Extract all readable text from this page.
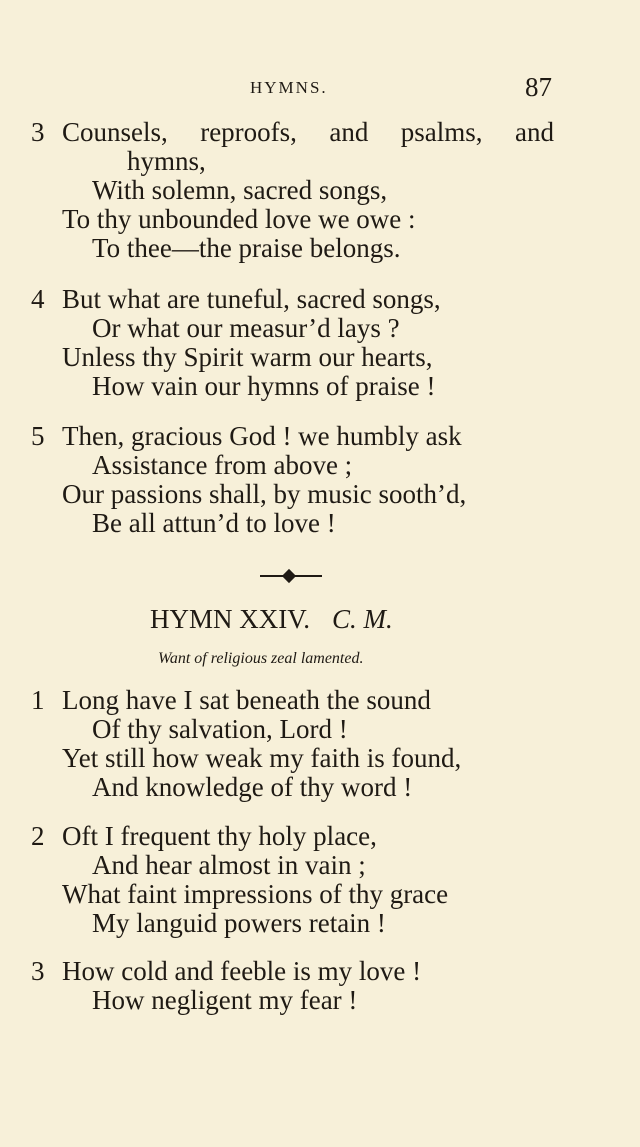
HYMNS.	87
3 Counsels, reproofs, and psalms, and
hymns,
With solemn, sacred songs,
To thy unbounded love we owe :
To thee—the praise belongs.
4 But what are tuneful, sacred songs,
Or what our measur’d lays ?
Unless thy Spirit warm our hearts,
How vain our hymns of praise !
5 Then, gracious God ! we humbly ask
Assistance from above ;
Our passions shall, by music sooth’d,
Be all attun’d to love !
HYMN XXIV. C. M.
Want of religious zeal lamented.
1 Long have I sat beneath the sound
Of thy salvation, Lord !
Yet still how weak my faith is found,
And knowledge of thy word !
2 Oft I frequent thy holy place,
And hear almost in vain ;
What faint impressions of thy grace
My languid powers retain !
3 How cold and feeble is my love !
How negligent my fear !
